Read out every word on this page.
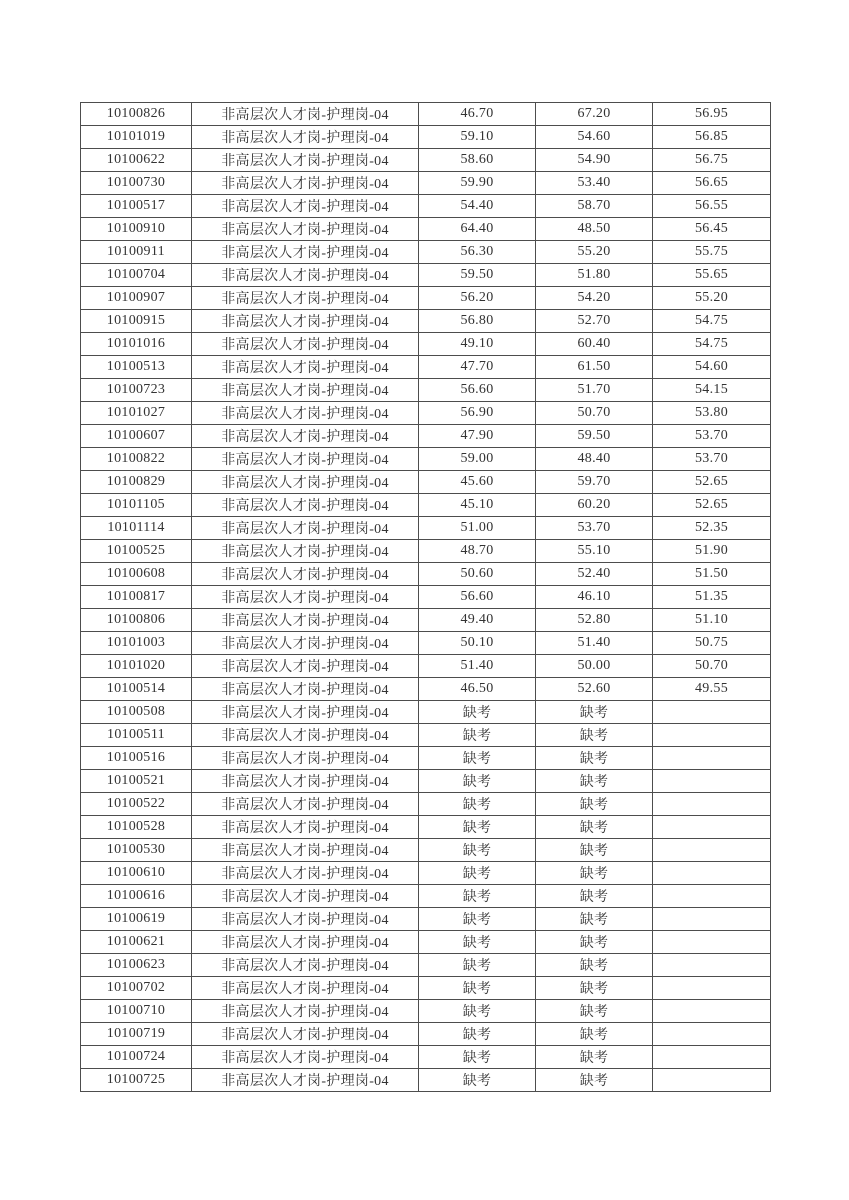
10100826	非高层次人才岗-护理岗-04	46.70	67.20	56.95
10101019	非高层次人才岗-护理岗-04	59.10	54.60	56.85
10100622	非高层次人才岗-护理岗-04	58.60	54.90	56.75
10100730	非高层次人才岗-护理岗-04	59.90	53.40	56.65
10100517	非高层次人才岗-护理岗-04	54.40	58.70	56.55
10100910	非高层次人才岗-护理岗-04	64.40	48.50	56.45
10100911	非高层次人才岗-护理岗-04	56.30	55.20	55.75
10100704	非高层次人才岗-护理岗-04	59.50	51.80	55.65
10100907	非高层次人才岗-护理岗-04	56.20	54.20	55.20
10100915	非高层次人才岗-护理岗-04	56.80	52.70	54.75
10101016	非高层次人才岗-护理岗-04	49.10	60.40	54.75
10100513	非高层次人才岗-护理岗-04	47.70	61.50	54.60
10100723	非高层次人才岗-护理岗-04	56.60	51.70	54.15
10101027	非高层次人才岗-护理岗-04	56.90	50.70	53.80
10100607	非高层次人才岗-护理岗-04	47.90	59.50	53.70
10100822	非高层次人才岗-护理岗-04	59.00	48.40	53.70
10100829	非高层次人才岗-护理岗-04	45.60	59.70	52.65
10101105	非高层次人才岗-护理岗-04	45.10	60.20	52.65
10101114	非高层次人才岗-护理岗-04	51.00	53.70	52.35
10100525	非高层次人才岗-护理岗-04	48.70	55.10	51.90
10100608	非高层次人才岗-护理岗-04	50.60	52.40	51.50
10100817	非高层次人才岗-护理岗-04	56.60	46.10	51.35
10100806	非高层次人才岗-护理岗-04	49.40	52.80	51.10
10101003	非高层次人才岗-护理岗-04	50.10	51.40	50.75
10101020	非高层次人才岗-护理岗-04	51.40	50.00	50.70
10100514	非高层次人才岗-护理岗-04	46.50	52.60	49.55
10100508	非高层次人才岗-护理岗-04	缺考	缺考	
10100511	非高层次人才岗-护理岗-04	缺考	缺考	
10100516	非高层次人才岗-护理岗-04	缺考	缺考	
10100521	非高层次人才岗-护理岗-04	缺考	缺考	
10100522	非高层次人才岗-护理岗-04	缺考	缺考	
10100528	非高层次人才岗-护理岗-04	缺考	缺考	
10100530	非高层次人才岗-护理岗-04	缺考	缺考	
10100610	非高层次人才岗-护理岗-04	缺考	缺考	
10100616	非高层次人才岗-护理岗-04	缺考	缺考	
10100619	非高层次人才岗-护理岗-04	缺考	缺考	
10100621	非高层次人才岗-护理岗-04	缺考	缺考	
10100623	非高层次人才岗-护理岗-04	缺考	缺考	
10100702	非高层次人才岗-护理岗-04	缺考	缺考	
10100710	非高层次人才岗-护理岗-04	缺考	缺考	
10100719	非高层次人才岗-护理岗-04	缺考	缺考	
10100724	非高层次人才岗-护理岗-04	缺考	缺考	
10100725	非高层次人才岗-护理岗-04	缺考	缺考	
